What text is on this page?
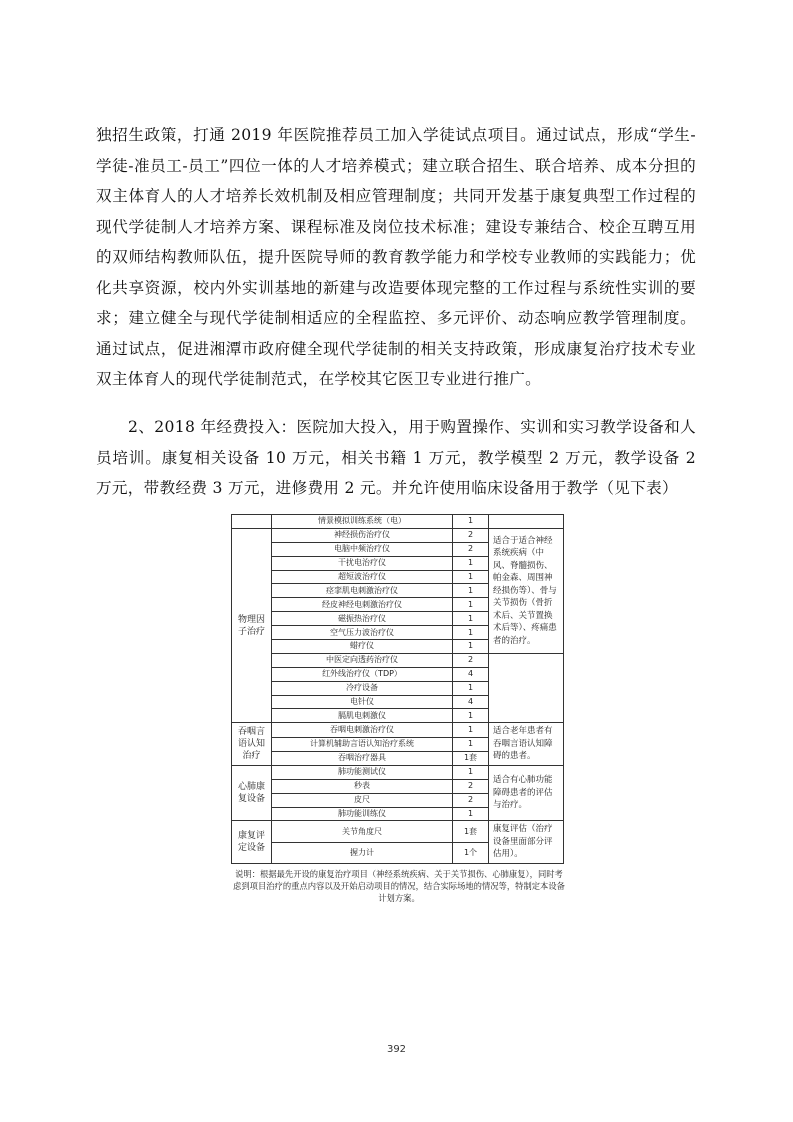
独招生政策，打通 2019 年医院推荐员工加入学徒试点项目。通过试点，形成“学生-学徒-准员工-员工”四位一体的人才培养模式；建立联合招生、联合培养、成本分担的双主体育人的人才培养长效机制及相应管理制度；共同开发基于康复典型工作过程的现代学徒制人才培养方案、课程标准及岗位技术标准；建设专兼结合、校企互聘互用的双师结构教师队伍，提升医院导师的教育教学能力和学校专业教师的实践能力；优化共享资源，校内外实训基地的新建与改造要体现完整的工作过程与系统性实训的要求；建立健全与现代学徒制相适应的全程监控、多元评价、动态响应教学管理制度。通过试点，促进湘潭市政府健全现代学徒制的相关支持政策，形成康复治疗技术专业双主体育人的现代学徒制范式，在学校其它医卫专业进行推广。

2、2018 年经费投入：医院加大投入，用于购置操作、实训和实习教学设备和人员培训。康复相关设备 10 万元，相关书籍 1 万元，教学模型 2 万元，教学设备 2 万元，带教经费 3 万元，进修费用 2 元。并允许使用临床设备用于教学（见下表）

	情景模拟训练系统（电）	1	
物理因子治疗	神经损伤治疗仪	2	适合于适合神经系统疾病（中风、脊髓损伤、帕金森、周围神经损伤等）、骨与关节损伤（骨折术后、关节置换术后等）、疼痛患者的治疗。
	电脑中频治疗仪	2	
	干扰电治疗仪	1	
	超短波治疗仪	1	
	痉挛肌电刺激治疗仪	1	
	经皮神经电刺激治疗仪	1	
	磁振热治疗仪	1	
	空气压力波治疗仪	1	
	蜡疗仪	1	
	中医定向透药治疗仪	2	
	红外线治疗仪（TDP）	4	
	冷疗设备	1	
	电针仪	4	
	膈肌电刺激仪	1	
吞咽言语认知治疗	吞咽电刺激治疗仪	1	适合老年患者有吞咽言语认知障碍的患者。
	计算机辅助言语认知治疗系统	1	
	吞咽治疗器具	1套	
心肺康复设备	肺功能测试仪	1	适合有心肺功能障碍患者的评估与治疗。
	秒表	2	
	皮尺	2	
	肺功能训练仪	1	
康复评定设备	关节角度尺	1套	康复评估（治疗设备里面部分评估用）。
	握力计	1个	
说明：根据最先开设的康复治疗项目（神经系统疾病、关于关节损伤、心肺康复），同时考虑到项目治疗的重点内容以及开始启动项目的情况，结合实际场地的情况等，特制定本设备计划方案。
392
